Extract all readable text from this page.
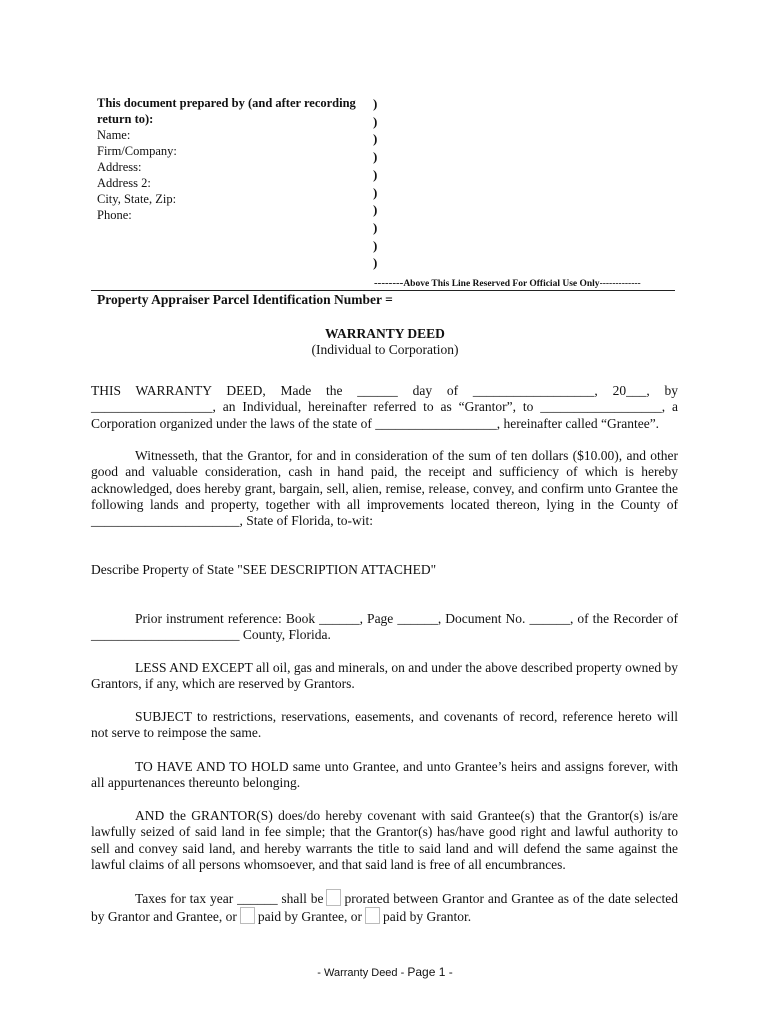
This document prepared by (and after recording
return to):
Name:
Firm/Company:
Address:
Address 2:
City, State, Zip:
Phone:
)
)
)
)
)
)
)
)
)
)
--------Above This Line Reserved For Official Use Only-------------
Property Appraiser Parcel Identification Number =
WARRANTY DEED
(Individual to Corporation)
THIS WARRANTY DEED, Made the ______ day of __________________, 20___, by __________________, an Individual, hereinafter referred to as “Grantor”, to __________________, a Corporation organized under the laws of the state of __________________, hereinafter called “Grantee”.
Witnesseth, that the Grantor, for and in consideration of the sum of ten dollars ($10.00), and other good and valuable consideration, cash in hand paid, the receipt and sufficiency of which is hereby acknowledged, does hereby grant, bargain, sell, alien, remise, release, convey, and confirm unto Grantee the following lands and property, together with all improvements located thereon, lying in the County of ______________________, State of Florida, to-wit:
Describe Property of State "SEE DESCRIPTION ATTACHED"
Prior instrument reference: Book ______, Page ______, Document No. ______, of the Recorder of ______________________ County, Florida.
LESS AND EXCEPT all oil, gas and minerals, on and under the above described property owned by Grantors, if any, which are reserved by Grantors.
SUBJECT to restrictions, reservations, easements, and covenants of record, reference hereto will not serve to reimpose the same.
TO HAVE AND TO HOLD same unto Grantee, and unto Grantee’s heirs and assigns forever, with all appurtenances thereunto belonging.
AND the GRANTOR(S) does/do hereby covenant with said Grantee(s) that the Grantor(s) is/are lawfully seized of said land in fee simple; that the Grantor(s) has/have good right and lawful authority to sell and convey said land, and hereby warrants the title to said land and will defend the same against the lawful claims of all persons whomsoever, and that said land is free of all encumbrances.
Taxes for tax year ______ shall be prorated between Grantor and Grantee as of the date selected by Grantor and Grantee, or paid by Grantee, or paid by Grantor.
- Warranty Deed - Page 1 -
